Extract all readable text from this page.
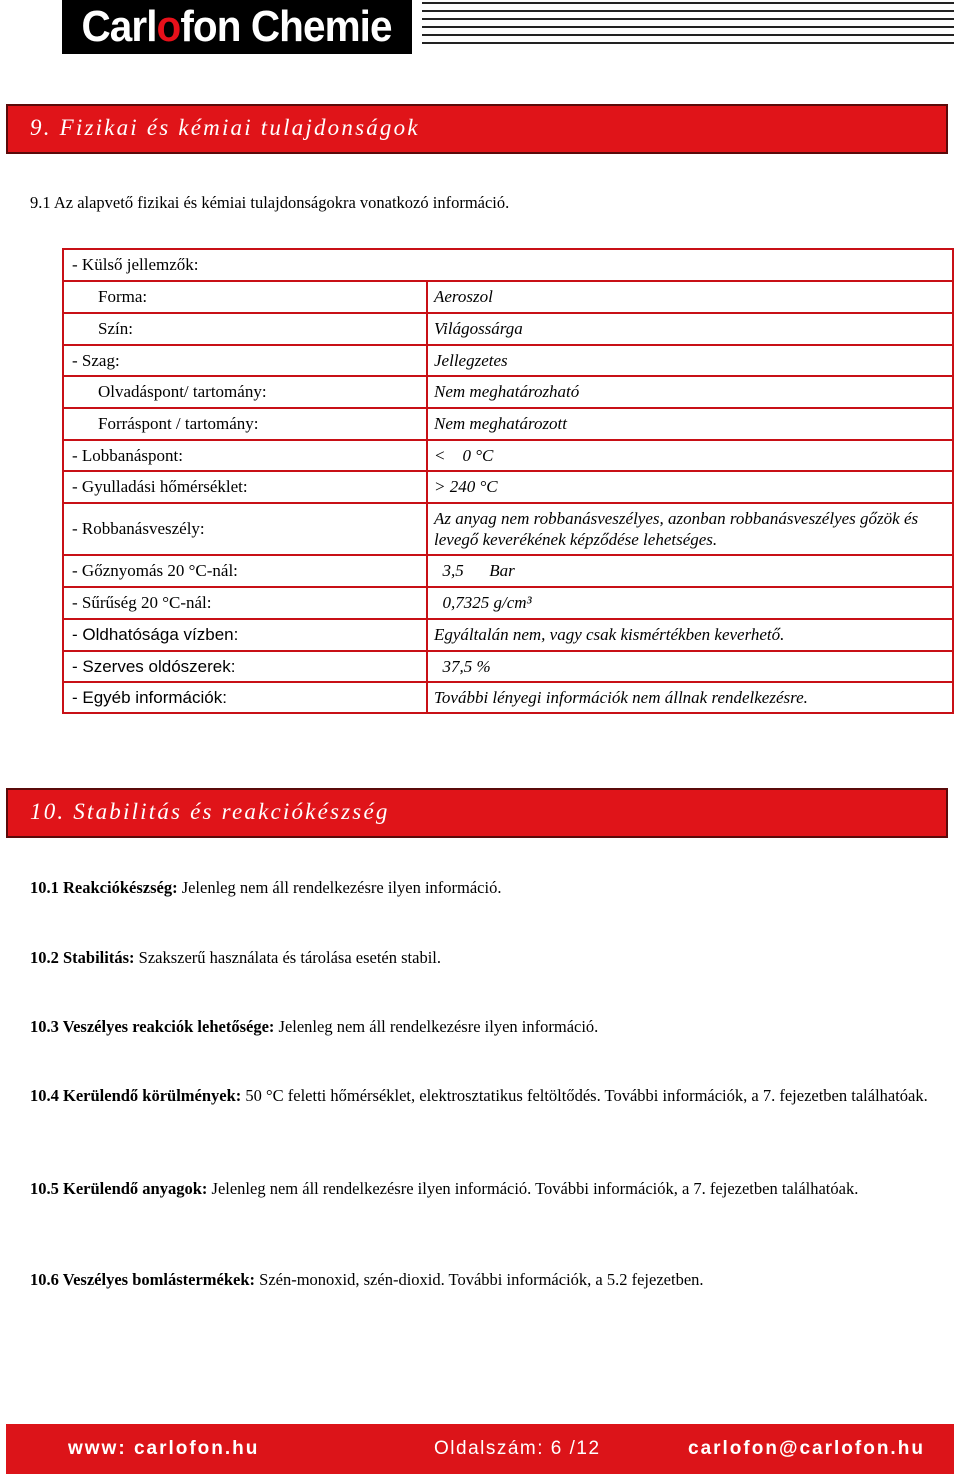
Carlofon Chemie
9. Fizikai és kémiai tulajdonságok
9.1 Az alapvető fizikai és kémiai tulajdonságokra vonatkozó információ.
- Külső jellemzők:
Forma:	Aeroszol
Szín:	Világossárga
- Szag:	Jellegzetes
Olvadáspont/ tartomány:	Nem meghatározható
Forráspont / tartomány:	Nem meghatározott
- Lobbanáspont:	<    0 °C
- Gyulladási hőmérséklet:	> 240 °C
- Robbanásveszély:
Az anyag nem robbanásveszélyes, azonban robbanásveszélyes gőzök és levegő keverékének képződése lehetséges.
- Gőznyomás 20 °C-nál:	3,5      Bar
- Sűrűség 20 °C-nál:	0,7325 g/cm³
- Oldhatósága vízben:	Egyáltalán nem, vagy csak kismértékben keverhető.
- Szerves oldószerek:	37,5 %
- Egyéb információk:	További lényegi információk nem állnak rendelkezésre.
10. Stabilitás és reakciókészség
10.1 Reakciókészség: Jelenleg nem áll rendelkezésre ilyen információ.
10.2 Stabilitás: Szakszerű használata és tárolása esetén stabil.
10.3 Veszélyes reakciók lehetősége: Jelenleg nem áll rendelkezésre ilyen információ.
10.4 Kerülendő körülmények: 50 °C feletti hőmérséklet, elektrosztatikus feltöltődés. További információk, a 7. fejezetben találhatóak.
10.5 Kerülendő anyagok: Jelenleg nem áll rendelkezésre ilyen információ. További információk, a 7. fejezetben találhatóak.
10.6 Veszélyes bomlástermékek: Szén-monoxid, szén-dioxid. További információk, a 5.2 fejezetben.
www: carlofon.hu	Oldalszám: 6 /12	carlofon@carlofon.hu
